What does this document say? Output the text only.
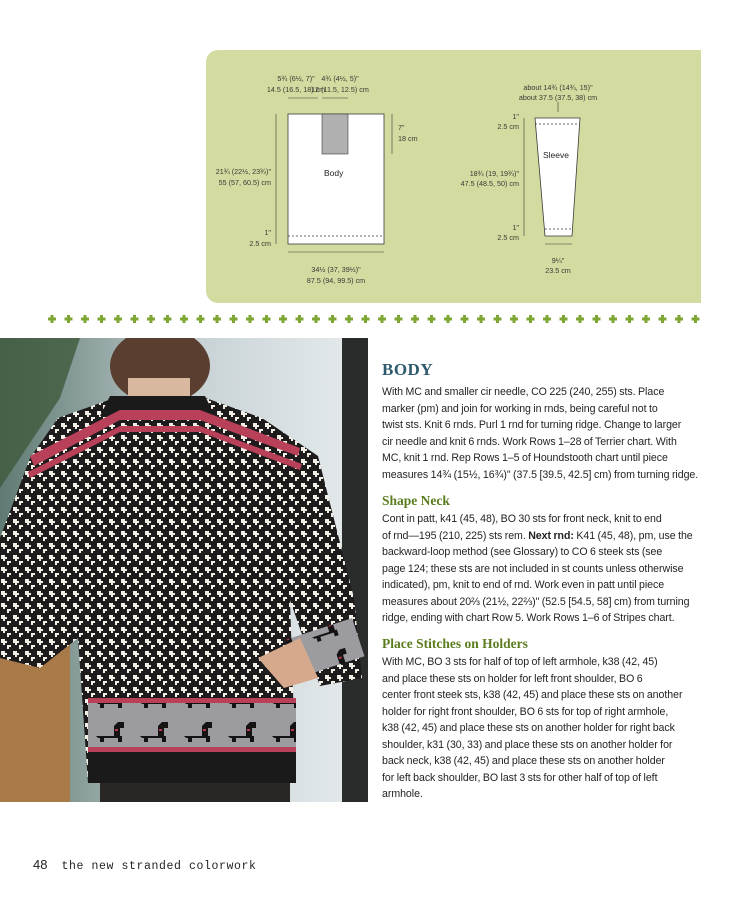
5¾ (6½, 7)"
14.5 (16.5, 18) cm
4¾ (4½, 5)"
12 (11.5, 12.5) cm
Body
21¾ (22½, 23¾)"
55 (57, 60.5) cm
1"
2.5 cm
7"
18 cm
34½ (37, 39½)"
87.5 (94, 99.5) cm
about 14¾ (14¾, 15)"
about 37.5 (37.5, 38) cm
Sleeve
1"
2.5 cm
18¾ (19, 19¾)"
47.5 (48.5, 50) cm
1"
2.5 cm
9¼"
23.5 cm
BODY

With MC and smaller cir needle, CO 225 (240, 255) sts. Place
marker (pm) and join for working in rnds, being careful not to
twist sts. Knit 6 rnds. Purl 1 rnd for turning ridge. Change to larger
cir needle and knit 6 rnds. Work Rows 1–28 of Terrier chart. With
MC, knit 1 rnd. Rep Rows 1–5 of Houndstooth chart until piece
measures 14¾ (15½, 16¾)" (37.5 [39.5, 42.5] cm) from turning ridge.

Shape Neck

Cont in patt, k41 (45, 48), BO 30 sts for front neck, knit to end
of rnd—195 (210, 225) sts rem. Next rnd: K41 (45, 48), pm, use the
backward-loop method (see Glossary) to CO 6 steek sts (see
page 124; these sts are not included in st counts unless otherwise
indicated), pm, knit to end of rnd. Work even in patt until piece
measures about 20⅔ (21½, 22⅔)" (52.5 [54.5, 58] cm) from turning
ridge, ending with chart Row 5. Work Rows 1–6 of Stripes chart.

Place Stitches on Holders

With MC, BO 3 sts for half of top of left armhole, k38 (42, 45)
and place these sts on holder for left front shoulder, BO 6
center front steek sts, k38 (42, 45) and place these sts on another
holder for right front shoulder, BO 6 sts for top of right armhole,
k38 (42, 45) and place these sts on another holder for right back
shoulder, k31 (30, 33) and place these sts on another holder for
back neck, k38 (42, 45) and place these sts on another holder
for left back shoulder, BO last 3 sts for other half of top of left
armhole.

48 the new stranded colorwork
